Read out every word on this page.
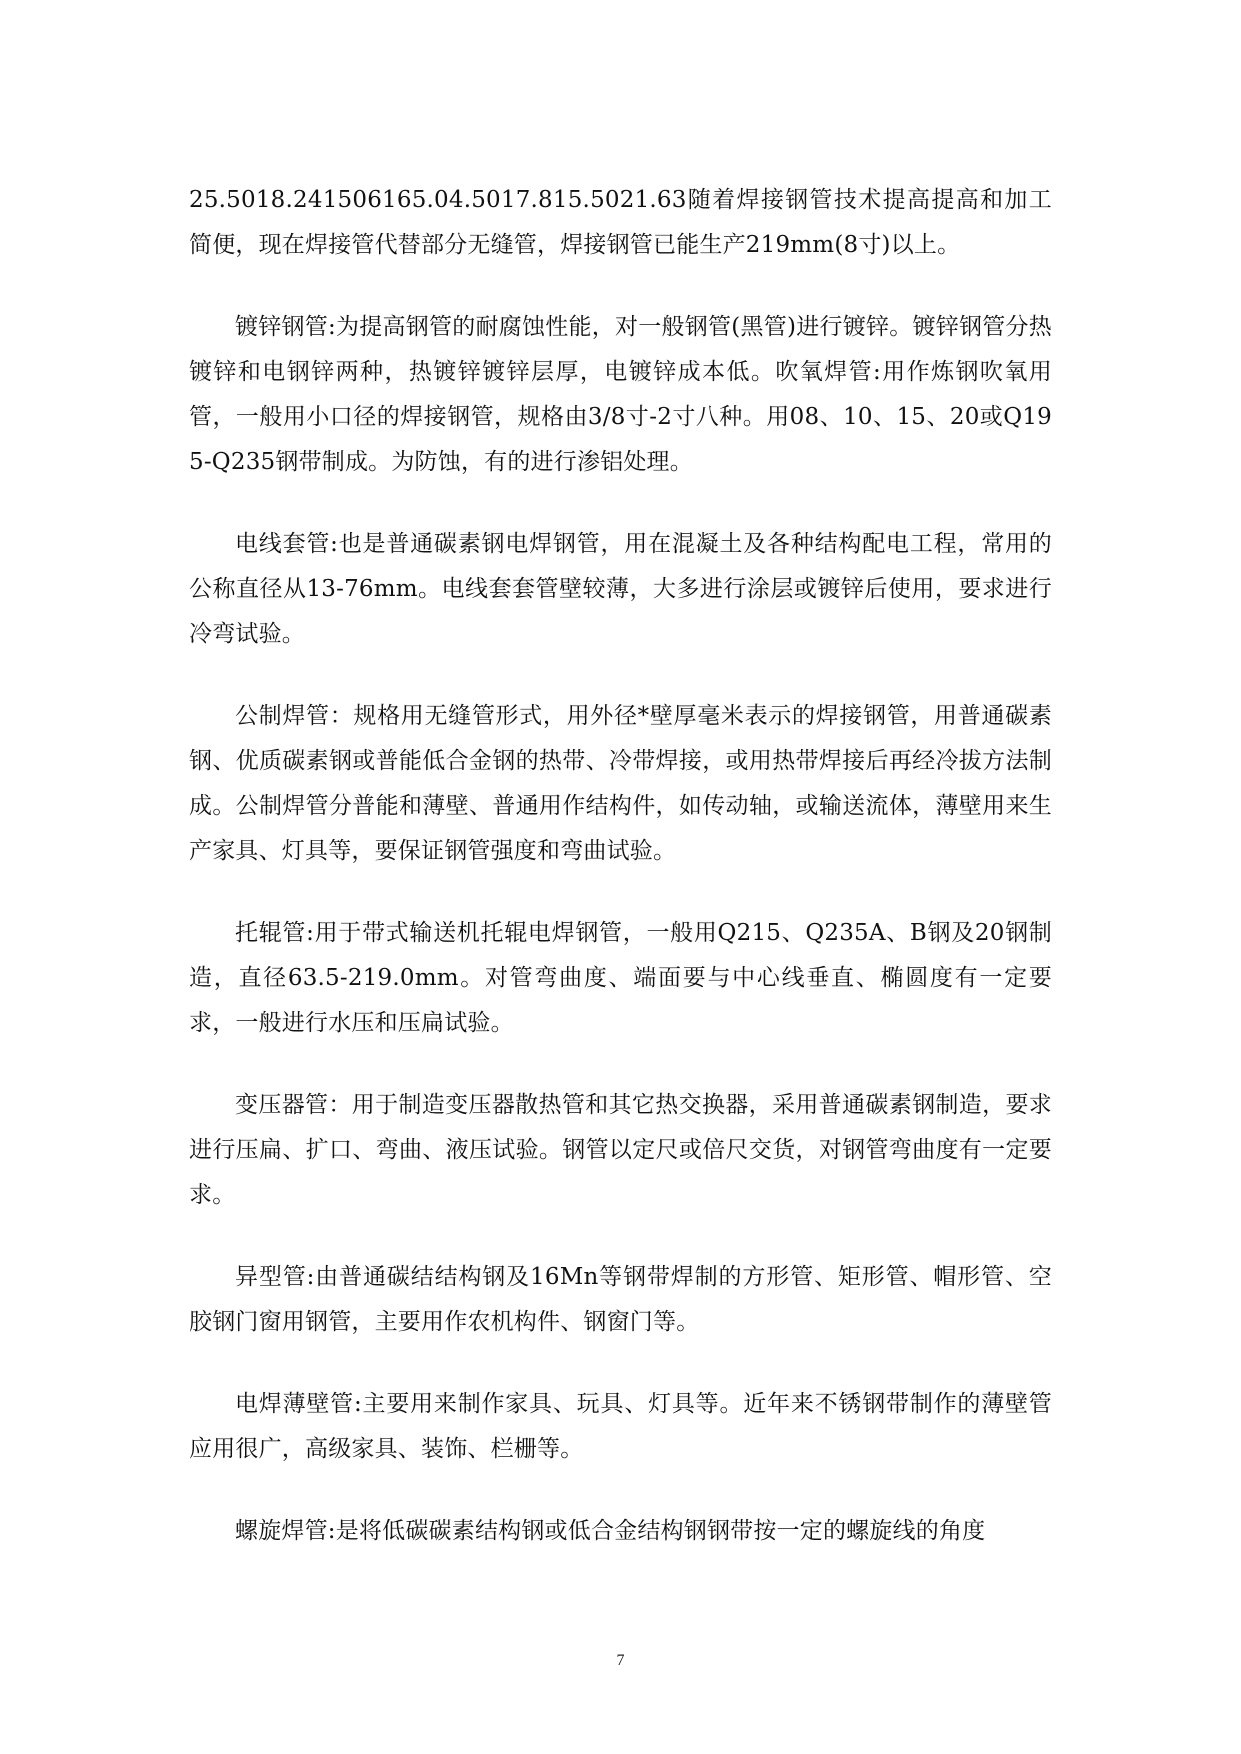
25.5018.241506165.04.5017.815.5021.63随着焊接钢管技术提高提高和加工简便，现在焊接管代替部分无缝管，焊接钢管已能生产219mm(8寸)以上。

镀锌钢管:为提高钢管的耐腐蚀性能，对一般钢管(黑管)进行镀锌。镀锌钢管分热镀锌和电钢锌两种，热镀锌镀锌层厚，电镀锌成本低。吹氧焊管:用作炼钢吹氧用管，一般用小口径的焊接钢管，规格由3/8寸-2寸八种。用08、10、15、20或Q195-Q235钢带制成。为防蚀，有的进行渗铝处理。

电线套管:也是普通碳素钢电焊钢管，用在混凝土及各种结构配电工程，常用的公称直径从13-76mm。电线套套管壁较薄，大多进行涂层或镀锌后使用，要求进行冷弯试验。

公制焊管：规格用无缝管形式，用外径*壁厚毫米表示的焊接钢管，用普通碳素钢、优质碳素钢或普能低合金钢的热带、冷带焊接，或用热带焊接后再经冷拔方法制成。公制焊管分普能和薄壁、普通用作结构件，如传动轴，或输送流体，薄壁用来生产家具、灯具等，要保证钢管强度和弯曲试验。

托辊管:用于带式输送机托辊电焊钢管，一般用Q215、Q235A、B钢及20钢制造，直径63.5-219.0mm。对管弯曲度、端面要与中心线垂直、椭圆度有一定要求，一般进行水压和压扁试验。

变压器管：用于制造变压器散热管和其它热交换器，采用普通碳素钢制造，要求进行压扁、扩口、弯曲、液压试验。钢管以定尺或倍尺交货，对钢管弯曲度有一定要求。

异型管:由普通碳结结构钢及16Mn等钢带焊制的方形管、矩形管、帽形管、空胶钢门窗用钢管，主要用作农机构件、钢窗门等。

电焊薄壁管:主要用来制作家具、玩具、灯具等。近年来不锈钢带制作的薄壁管应用很广，高级家具、装饰、栏栅等。

螺旋焊管:是将低碳碳素结构钢或低合金结构钢钢带按一定的螺旋线的角度

7
